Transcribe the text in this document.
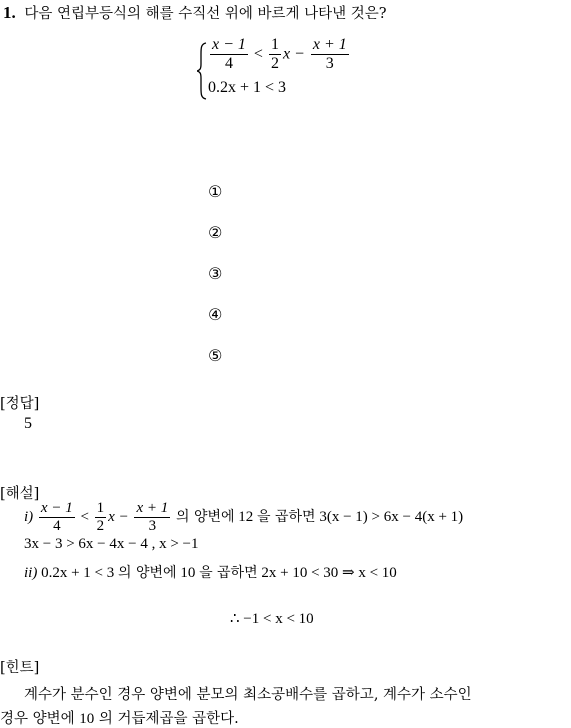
1. 다음 연립부등식의 해를 수직선 위에 바르게 나타낸 것은?
$\frac{x - 1}{4} < \frac{1}{2}$ $x - \frac{x + 1}{3}$
0.2x + 1 < 3
①
②
③
④
⑤
[정답]
5
[해설]
$i) \frac{x - 1}{4} < \frac{1}{2}$ $x - \frac{x + 1}{3}$ 의 양변에 12 을 곱하면 3(x − 1) > 6x − 4(x + 1)
3x − 3 > 6x − 4x − 4 , x > −1
ii) 0.2x + 1 < 3 의 양변에 10 을 곱하면 2x + 10 < 30 ⇒ x < 10
∴ −1 < x < 10
[힌트]
계수가 분수인 경우 양변에 분모의 최소공배수를 곱하고, 계수가 소수인
경우 양변에 10 의 거듭제곱을 곱한다.
